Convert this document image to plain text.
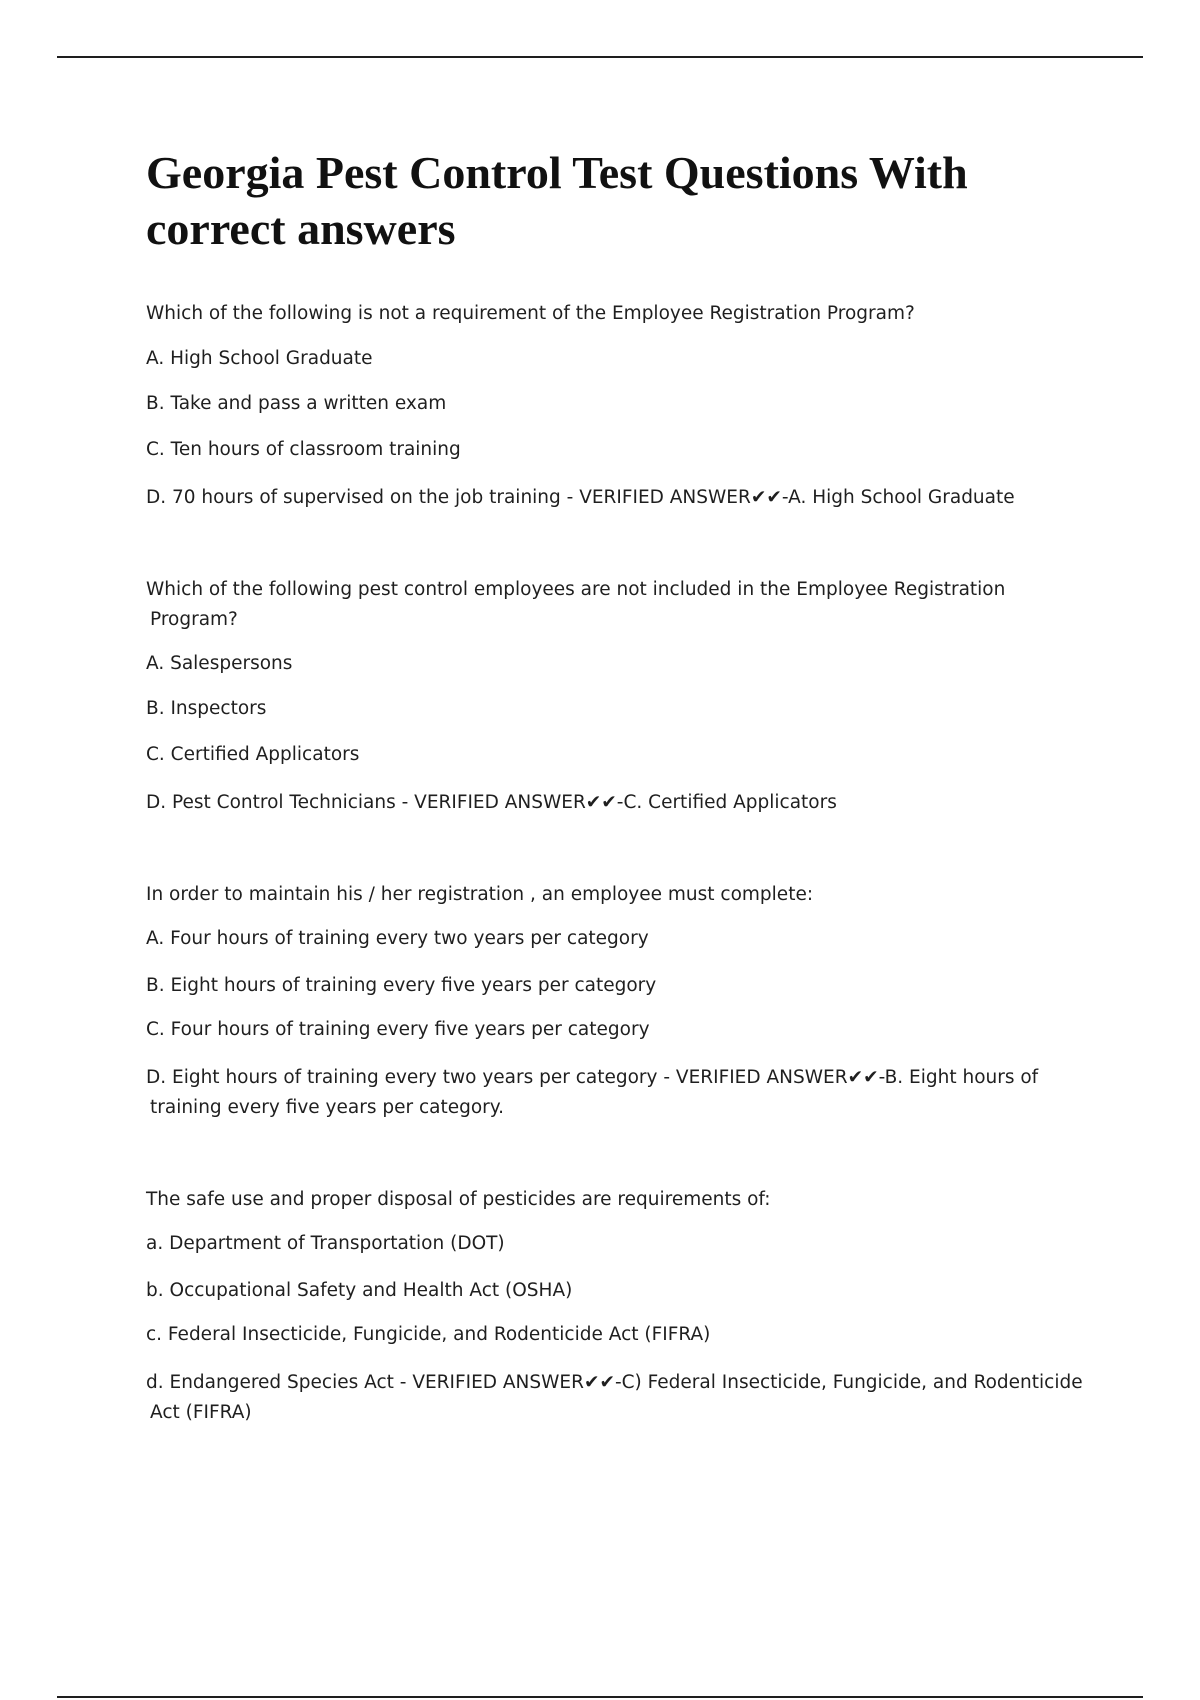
Georgia Pest Control Test Questions With
correct answers
Which of the following is not a requirement of the Employee Registration Program?
A. High School Graduate
B. Take and pass a written exam
C. Ten hours of classroom training
D. 70 hours of supervised on the job training - VERIFIED ANSWER✔✔-A. High School Graduate
Which of the following pest control employees are not included in the Employee Registration
Program?
A. Salespersons
B. Inspectors
C. Certified Applicators
D. Pest Control Technicians - VERIFIED ANSWER✔✔-C. Certified Applicators
In order to maintain his / her registration , an employee must complete:
A. Four hours of training every two years per category
B. Eight hours of training every five years per category
C. Four hours of training every five years per category
D. Eight hours of training every two years per category - VERIFIED ANSWER✔✔-B. Eight hours of
training every five years per category.
The safe use and proper disposal of pesticides are requirements of:
a. Department of Transportation (DOT)
b. Occupational Safety and Health Act (OSHA)
c. Federal Insecticide, Fungicide, and Rodenticide Act (FIFRA)
d. Endangered Species Act - VERIFIED ANSWER✔✔-C) Federal Insecticide, Fungicide, and Rodenticide
Act (FIFRA)
